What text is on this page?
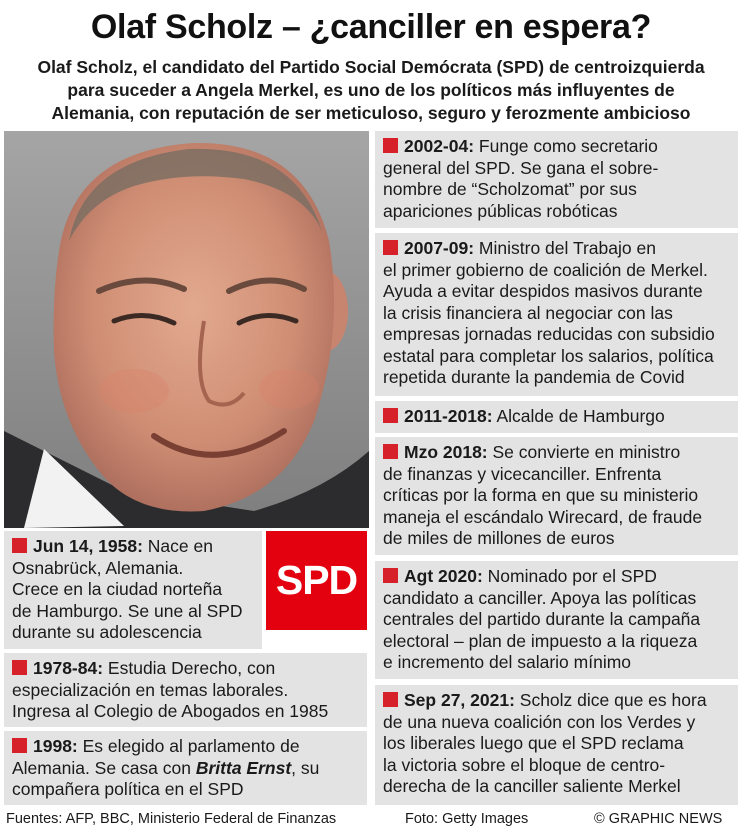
Olaf Scholz – ¿canciller en espera?
Olaf Scholz, el candidato del Partido Social Demócrata (SPD) de centroizquierda
para suceder a Angela Merkel, es uno de los políticos más influyentes de
Alemania, con reputación de ser meticuloso, seguro y ferozmente ambicioso
Jun 14, 1958: Nace en
Osnabrück, Alemania.
Crece en la ciudad norteña
de Hamburgo. Se une al SPD
durante su adolescencia
SPD
1978-84: Estudia Derecho, con
especialización en temas laborales.
Ingresa al Colegio de Abogados en 1985
1998: Es elegido al parlamento de
Alemania. Se casa con Britta Ernst, su
compañera política en el SPD
2002-04: Funge como secretario
general del SPD. Se gana el sobre-
nombre de “Scholzomat” por sus
apariciones públicas robóticas
2007-09: Ministro del Trabajo en
el primer gobierno de coalición de Merkel.
Ayuda a evitar despidos masivos durante
la crisis financiera al negociar con las
empresas jornadas reducidas con subsidio
estatal para completar los salarios, política
repetida durante la pandemia de Covid
2011-2018: Alcalde de Hamburgo
Mzo 2018: Se convierte en ministro
de finanzas y vicecanciller. Enfrenta
críticas por la forma en que su ministerio
maneja el escándalo Wirecard, de fraude
de miles de millones de euros
Agt 2020: Nominado por el SPD
candidato a canciller. Apoya las políticas
centrales del partido durante la campaña
electoral – plan de impuesto a la riqueza
e incremento del salario mínimo
Sep 27, 2021: Scholz dice que es hora
de una nueva coalición con los Verdes y
los liberales luego que el SPD reclama
la victoria sobre el bloque de centro-
derecha de la canciller saliente Merkel
Fuentes: AFP, BBC, Ministerio Federal de Finanzas	Foto: Getty Images	© GRAPHIC NEWS
